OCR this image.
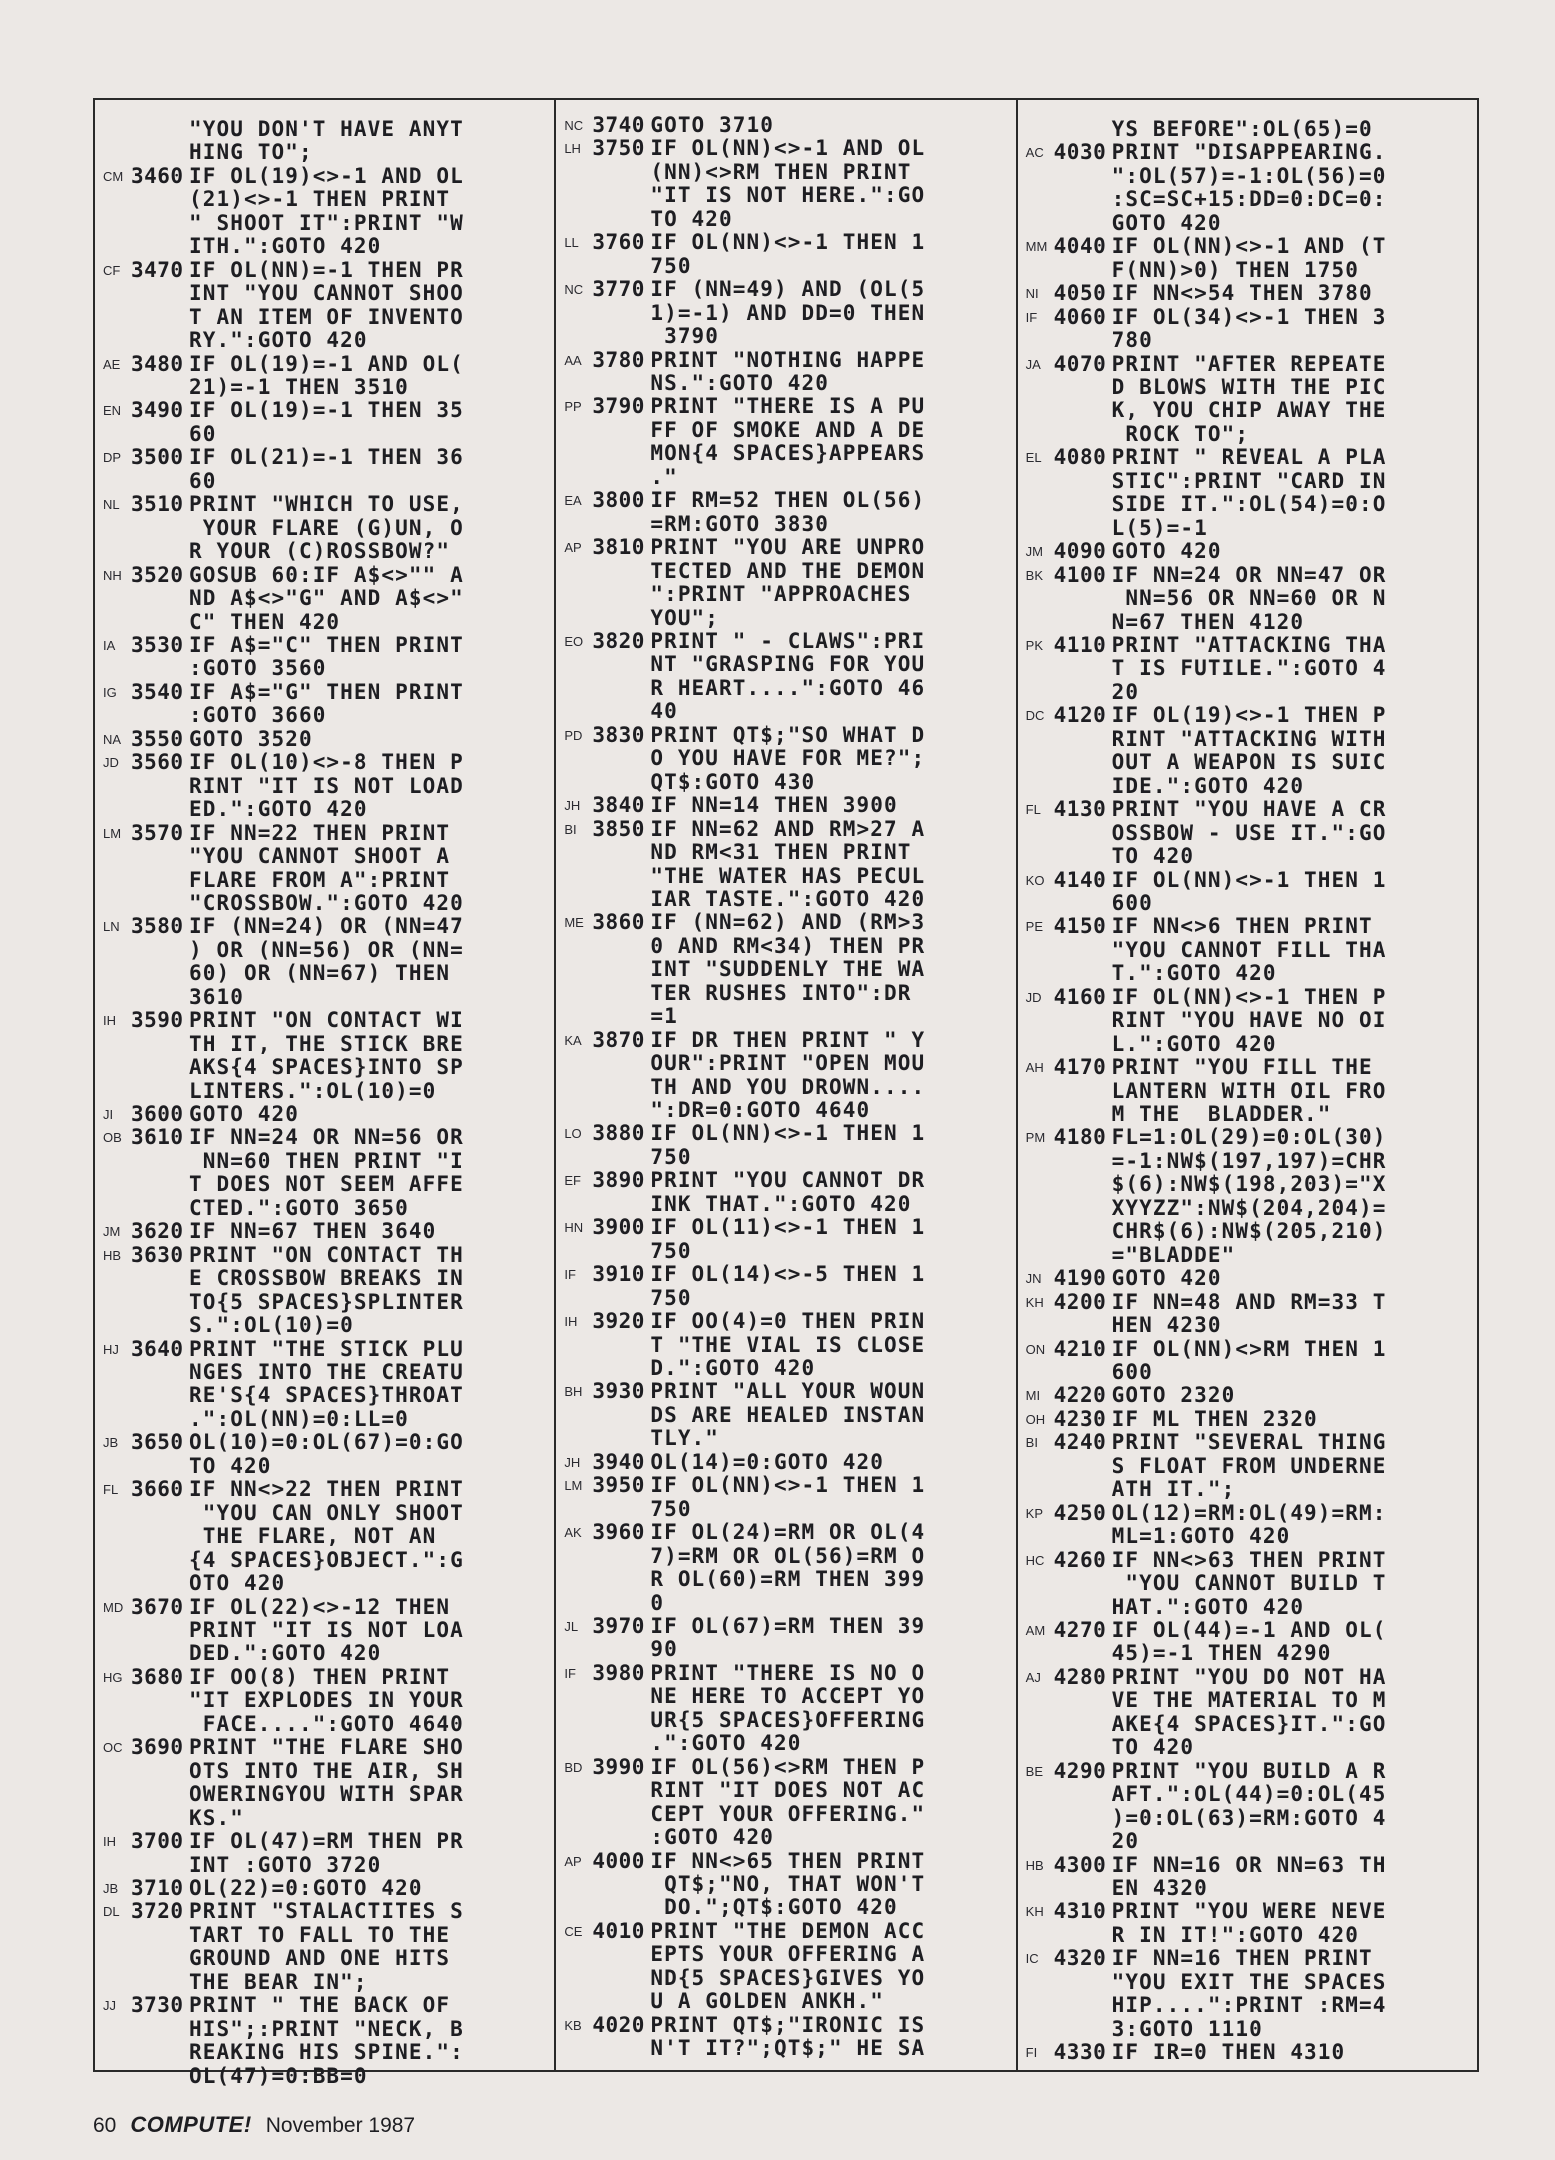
"YOU DON'T HAVE ANYT
HING TO";
CM 3460 IF OL(19)<>-1 AND OL
(21)<>-1 THEN PRINT
" SHOOT IT":PRINT "W
ITH.":GOTO 420
CF 3470 IF OL(NN)=-1 THEN PR
INT "YOU CANNOT SHOO
T AN ITEM OF INVENTO
RY.":GOTO 420
AE 3480 IF OL(19)=-1 AND OL(
21)=-1 THEN 3510
EN 3490 IF OL(19)=-1 THEN 35
60
DP 3500 IF OL(21)=-1 THEN 36
60
NL 3510 PRINT "WHICH TO USE,
YOUR FLARE (G)UN, O
R YOUR (C)ROSSBOW?"
NH 3520 GOSUB 60:IF A$<>"" A
ND A$<>"G" AND A$<>"
C" THEN 420
IA 3530 IF A$="C" THEN PRINT
:GOTO 3560
IG 3540 IF A$="G" THEN PRINT
:GOTO 3660
NA 3550 GOTO 3520
JD 3560 IF OL(10)<>-8 THEN P
RINT "IT IS NOT LOAD
ED.":GOTO 420
LM 3570 IF NN=22 THEN PRINT
"YOU CANNOT SHOOT A
FLARE FROM A":PRINT
"CROSSBOW.":GOTO 420
LN 3580 IF (NN=24) OR (NN=47
) OR (NN=56) OR (NN=
60) OR (NN=67) THEN
3610
IH 3590 PRINT "ON CONTACT WI
TH IT, THE STICK BRE
AKS{4 SPACES}INTO SP
LINTERS.":OL(10)=0
JI 3600 GOTO 420
OB 3610 IF NN=24 OR NN=56 OR
NN=60 THEN PRINT "I
T DOES NOT SEEM AFFE
CTED.":GOTO 3650
JM 3620 IF NN=67 THEN 3640
HB 3630 PRINT "ON CONTACT TH
E CROSSBOW BREAKS IN
TO{5 SPACES}SPLINTER
S.":OL(10)=0
HJ 3640 PRINT "THE STICK PLU
NGES INTO THE CREATU
RE'S{4 SPACES}THROAT
.":OL(NN)=0:LL=0
JB 3650 OL(10)=0:OL(67)=0:GO
TO 420
FL 3660 IF NN<>22 THEN PRINT
"YOU CAN ONLY SHOOT
THE FLARE, NOT AN
{4 SPACES}OBJECT.":G
OTO 420
MD 3670 IF OL(22)<>-12 THEN
PRINT "IT IS NOT LOA
DED.":GOTO 420
HG 3680 IF OO(8) THEN PRINT
"IT EXPLODES IN YOUR
FACE....":GOTO 4640
OC 3690 PRINT "THE FLARE SHO
OTS INTO THE AIR, SH
OWERINGYOU WITH SPAR
KS."
IH 3700 IF OL(47)=RM THEN PR
INT :GOTO 3720
JB 3710 OL(22)=0:GOTO 420
DL 3720 PRINT "STALACTITES S
TART TO FALL TO THE
GROUND AND ONE HITS
THE BEAR IN";
JJ 3730 PRINT " THE BACK OF
HIS";:PRINT "NECK, B
REAKING HIS SPINE.":
OL(47)=0:BB=0
NC 3740 GOTO 3710
LH 3750 IF OL(NN)<>-1 AND OL
(NN)<>RM THEN PRINT
"IT IS NOT HERE.":GO
TO 420
LL 3760 IF OL(NN)<>-1 THEN 1
750
NC 3770 IF (NN=49) AND (OL(5
1)=-1) AND DD=0 THEN
3790
AA 3780 PRINT "NOTHING HAPPE
NS.":GOTO 420
PP 3790 PRINT "THERE IS A PU
FF OF SMOKE AND A DE
MON{4 SPACES}APPEARS
."
EA 3800 IF RM=52 THEN OL(56)
=RM:GOTO 3830
AP 3810 PRINT "YOU ARE UNPRO
TECTED AND THE DEMON
":PRINT "APPROACHES
YOU";
EO 3820 PRINT " - CLAWS":PRI
NT "GRASPING FOR YOU
R HEART....":GOTO 46
40
PD 3830 PRINT QT$;"SO WHAT D
O YOU HAVE FOR ME?";
QT$:GOTO 430
JH 3840 IF NN=14 THEN 3900
BI 3850 IF NN=62 AND RM>27 A
ND RM<31 THEN PRINT
"THE WATER HAS PECUL
IAR TASTE.":GOTO 420
ME 3860 IF (NN=62) AND (RM>3
0 AND RM<34) THEN PR
INT "SUDDENLY THE WA
TER RUSHES INTO":DR
=1
KA 3870 IF DR THEN PRINT " Y
OUR":PRINT "OPEN MOU
TH AND YOU DROWN....
":DR=0:GOTO 4640
LO 3880 IF OL(NN)<>-1 THEN 1
750
EF 3890 PRINT "YOU CANNOT DR
INK THAT.":GOTO 420
HN 3900 IF OL(11)<>-1 THEN 1
750
IF 3910 IF OL(14)<>-5 THEN 1
750
IH 3920 IF OO(4)=0 THEN PRIN
T "THE VIAL IS CLOSE
D.":GOTO 420
BH 3930 PRINT "ALL YOUR WOUN
DS ARE HEALED INSTAN
TLY."
JH 3940 OL(14)=0:GOTO 420
LM 3950 IF OL(NN)<>-1 THEN 1
750
AK 3960 IF OL(24)=RM OR OL(4
7)=RM OR OL(56)=RM O
R OL(60)=RM THEN 399
0
JL 3970 IF OL(67)=RM THEN 39
90
IF 3980 PRINT "THERE IS NO O
NE HERE TO ACCEPT YO
UR{5 SPACES}OFFERING
.":GOTO 420
BD 3990 IF OL(56)<>RM THEN P
RINT "IT DOES NOT AC
CEPT YOUR OFFERING."
:GOTO 420
AP 4000 IF NN<>65 THEN PRINT
QT$;"NO, THAT WON'T
DO.";QT$:GOTO 420
CE 4010 PRINT "THE DEMON ACC
EPTS YOUR OFFERING A
ND{5 SPACES}GIVES YO
U A GOLDEN ANKH."
KB 4020 PRINT QT$;"IRONIC IS
N'T IT?";QT$;" HE SA
YS BEFORE":OL(65)=0
AC 4030 PRINT "DISAPPEARING.
":OL(57)=-1:OL(56)=0
:SC=SC+15:DD=0:DC=0:
GOTO 420
MM 4040 IF OL(NN)<>-1 AND (T
F(NN)>0) THEN 1750
NI 4050 IF NN<>54 THEN 3780
IF 4060 IF OL(34)<>-1 THEN 3
780
JA 4070 PRINT "AFTER REPEATE
D BLOWS WITH THE PIC
K, YOU CHIP AWAY THE
ROCK TO";
EL 4080 PRINT " REVEAL A PLA
STIC":PRINT "CARD IN
SIDE IT.":OL(54)=0:O
L(5)=-1
JM 4090 GOTO 420
BK 4100 IF NN=24 OR NN=47 OR
NN=56 OR NN=60 OR N
N=67 THEN 4120
PK 4110 PRINT "ATTACKING THA
T IS FUTILE.":GOTO 4
20
DC 4120 IF OL(19)<>-1 THEN P
RINT "ATTACKING WITH
OUT A WEAPON IS SUIC
IDE.":GOTO 420
FL 4130 PRINT "YOU HAVE A CR
OSSBOW - USE IT.":GO
TO 420
KO 4140 IF OL(NN)<>-1 THEN 1
600
PE 4150 IF NN<>6 THEN PRINT
"YOU CANNOT FILL THA
T.":GOTO 420
JD 4160 IF OL(NN)<>-1 THEN P
RINT "YOU HAVE NO OI
L.":GOTO 420
AH 4170 PRINT "YOU FILL THE
LANTERN WITH OIL FRO
M THE  BLADDER."
PM 4180 FL=1:OL(29)=0:OL(30)
=-1:NW$(197,197)=CHR
$(6):NW$(198,203)="X
XYYZZ":NW$(204,204)=
CHR$(6):NW$(205,210)
="BLADDE"
JN 4190 GOTO 420
KH 4200 IF NN=48 AND RM=33 T
HEN 4230
ON 4210 IF OL(NN)<>RM THEN 1
600
MI 4220 GOTO 2320
OH 4230 IF ML THEN 2320
BI 4240 PRINT "SEVERAL THING
S FLOAT FROM UNDERNE
ATH IT.";
KP 4250 OL(12)=RM:OL(49)=RM:
ML=1:GOTO 420
HC 4260 IF NN<>63 THEN PRINT
"YOU CANNOT BUILD T
HAT.":GOTO 420
AM 4270 IF OL(44)=-1 AND OL(
45)=-1 THEN 4290
AJ 4280 PRINT "YOU DO NOT HA
VE THE MATERIAL TO M
AKE{4 SPACES}IT.":GO
TO 420
BE 4290 PRINT "YOU BUILD A R
AFT.":OL(44)=0:OL(45
)=0:OL(63)=RM:GOTO 4
20
HB 4300 IF NN=16 OR NN=63 TH
EN 4320
KH 4310 PRINT "YOU WERE NEVE
R IN IT!":GOTO 420
IC 4320 IF NN=16 THEN PRINT
"YOU EXIT THE SPACES
HIP....":PRINT :RM=4
3:GOTO 1110
FI 4330 IF IR=0 THEN 4310
60 COMPUTE! November 1987
